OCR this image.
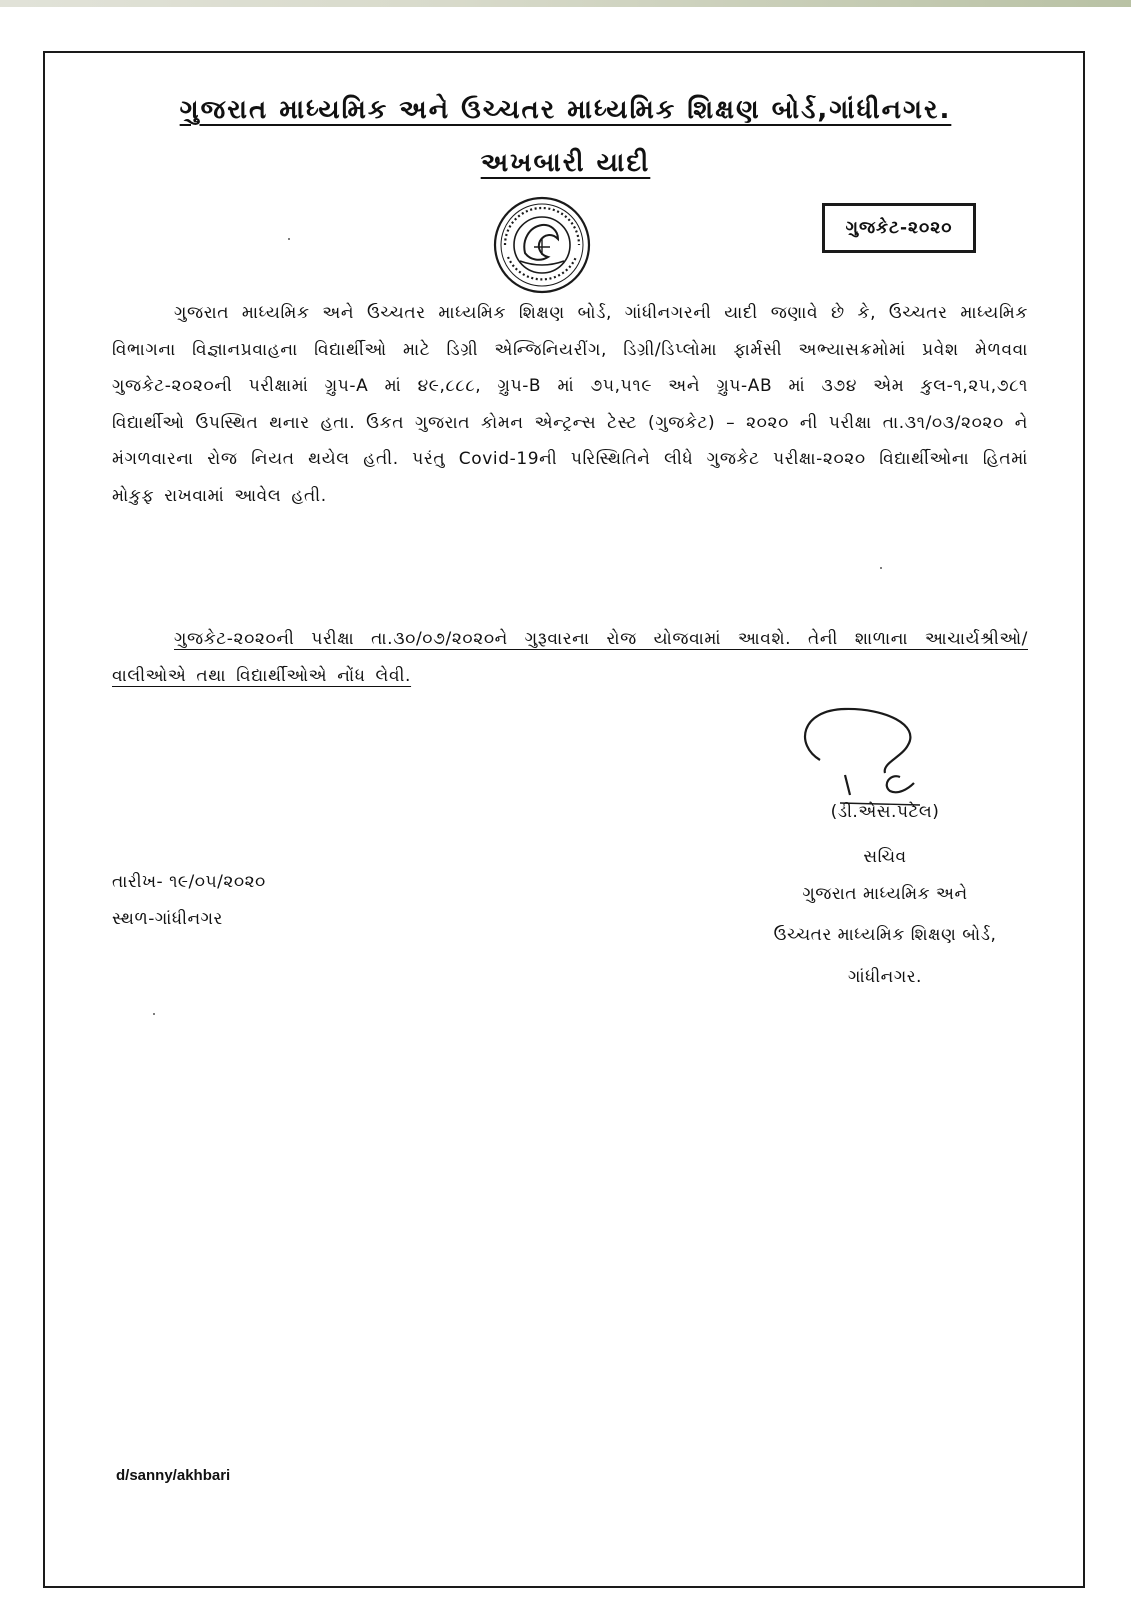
ગુજરાત માધ્યમિક અને ઉચ્ચતર માધ્યમિક શિક્ષણ બોર્ડ,ગાંધીનગર.
અખબારી યાદી
ગુજકેટ-૨૦૨૦
ગુજરાત માધ્યમિક અને ઉચ્ચતર માધ્યમિક શિક્ષણ બોર્ડ, ગાંધીનગરની યાદી જણાવે છે કે, ઉચ્ચતર માધ્યમિક વિભાગના વિજ્ઞાનપ્રવાહના વિદ્યાર્થીઓ માટે ડિગ્રી એન્જિનિયરીંગ, ડિગ્રી/ડિપ્લોમા ફાર્મસી અભ્યાસક્રમોમાં પ્રવેશ મેળવવા ગુજકેટ-૨૦૨૦ની પરીક્ષામાં ગ્રુપ-A માં ૪૯,૮૮૮, ગ્રુપ-B માં ૭૫,૫૧૯ અને ગ્રુપ-AB માં ૩૭૪ એમ કુલ-૧,૨૫,૭૮૧ વિદ્યાર્થીઓ ઉપસ્થિત થનાર હતા. ઉકત ગુજરાત કોમન એન્ટ્રન્સ ટેસ્ટ (ગુજકેટ) – ૨૦૨૦ ની પરીક્ષા તા.૩૧/૦૩/૨૦૨૦ ને મંગળવારના રોજ નિયત થયેલ હતી. પરંતુ Covid-19ની પરિસ્થિતિને લીધે ગુજકેટ પરીક્ષા-૨૦૨૦ વિદ્યાર્થીઓના હિતમાં મોકુફ રાખવામાં આવેલ હતી.
ગુજકેટ-૨૦૨૦ની પરીક્ષા તા.૩૦/૦૭/૨૦૨૦ને ગુરૂવારના રોજ યોજવામાં આવશે. તેની શાળાના આચાર્યશ્રીઓ/વાલીઓએ તથા વિદ્યાર્થીઓએ નોંધ લેવી.
(ડી.એસ.પટેલ)
સચિવ
ગુજરાત માધ્યમિક અને
ઉચ્ચતર માધ્યમિક શિક્ષણ બોર્ડ,
ગાંધીનગર.
તારીખ- ૧૯/૦૫/૨૦૨૦
સ્થળ-ગાંધીનગર
d/sanny/akhbari
